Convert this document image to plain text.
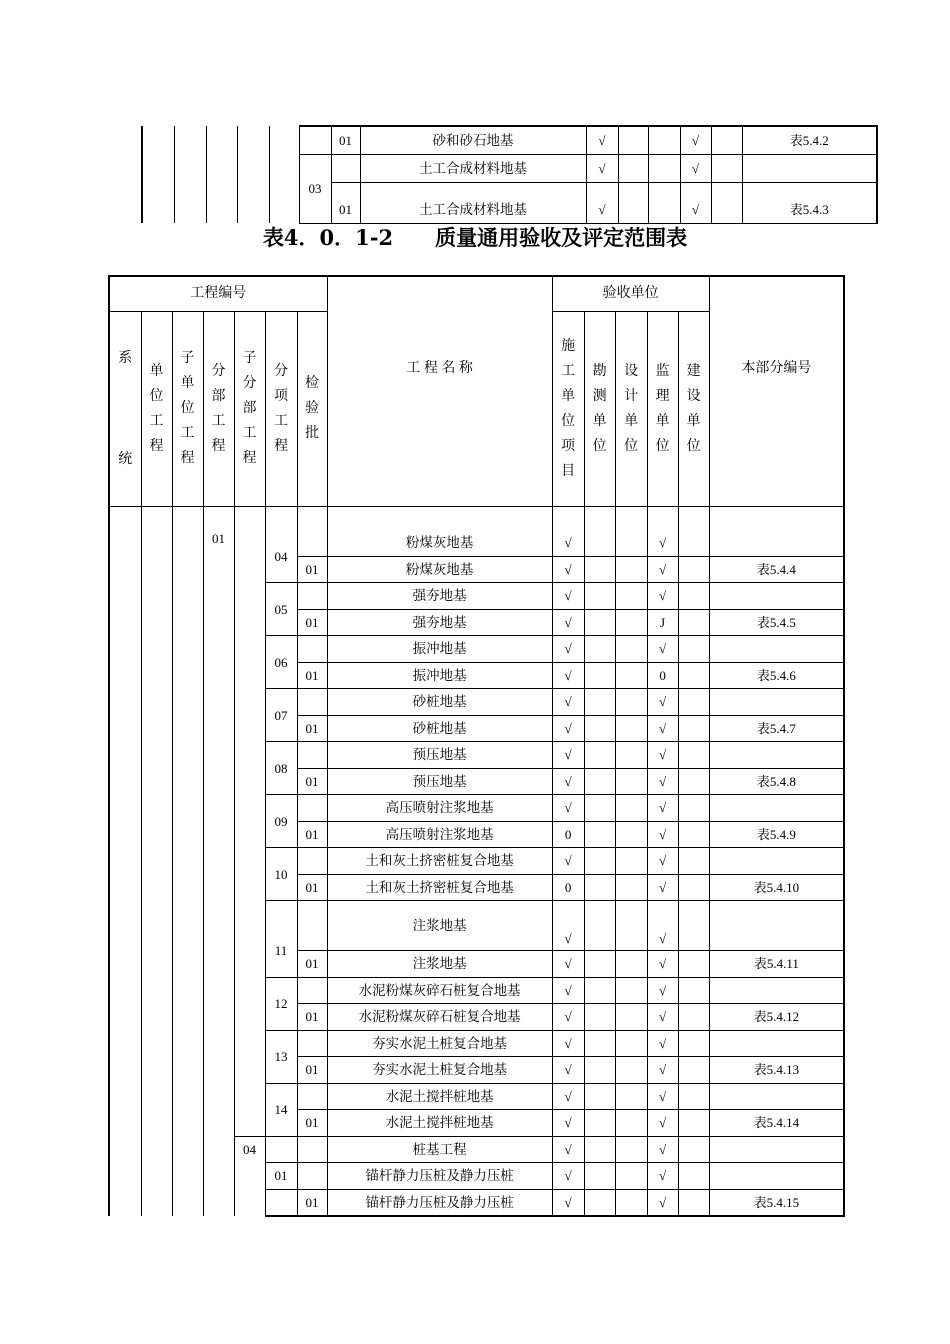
						01	砂和砂石地基	√			√		表5.4.2
					03		土工合成材料地基	√			√		
						01	土工合成材料地基	√			√		表5.4.3
表4．0．1-2　　质量通用验收及评定范围表
工程编号							工 程 名 称	验收单位					本部分编号

系统	单位工程	子单位工程	分部工程	子分部工程	分项工程	检验批		施工单位项目	勘测单位	设计单位	监理单位	建设单位	
			01		04		粉煤灰地基	√			√		
						01	粉煤灰地基	√			√		表5.4.4
					05		强夯地基	√			√		
						01	强夯地基	√			J		表5.4.5
					06		振冲地基	√			√		
						01	振冲地基	√			0		表5.4.6
					07		砂桩地基	√			√		
						01	砂桩地基	√			√		表5.4.7
					08		预压地基	√			√		
						01	预压地基	√			√		表5.4.8
					09		高压喷射注浆地基	√			√		
						01	高压喷射注浆地基	0			√		表5.4.9
					10		土和灰土挤密桩复合地基	√			√		
						01	土和灰土挤密桩复合地基	0			√		表5.4.10
					11		注浆地基	√			√		
						01	注浆地基	√			√		表5.4.11
					12		水泥粉煤灰碎石桩复合地基	√			√		
						01	水泥粉煤灰碎石桩复合地基	√			√		表5.4.12
					13		夯实水泥土桩复合地基	√			√		
						01	夯实水泥土桩复合地基	√			√		表5.4.13
					14		水泥土搅拌桩地基	√			√		
						01	水泥土搅拌桩地基	√			√		表5.4.14
				04			桩基工程	√			√		
					01		锚杆静力压桩及静力压桩	√			√		
						01	锚杆静力压桩及静力压桩	√			√		表5.4.15
